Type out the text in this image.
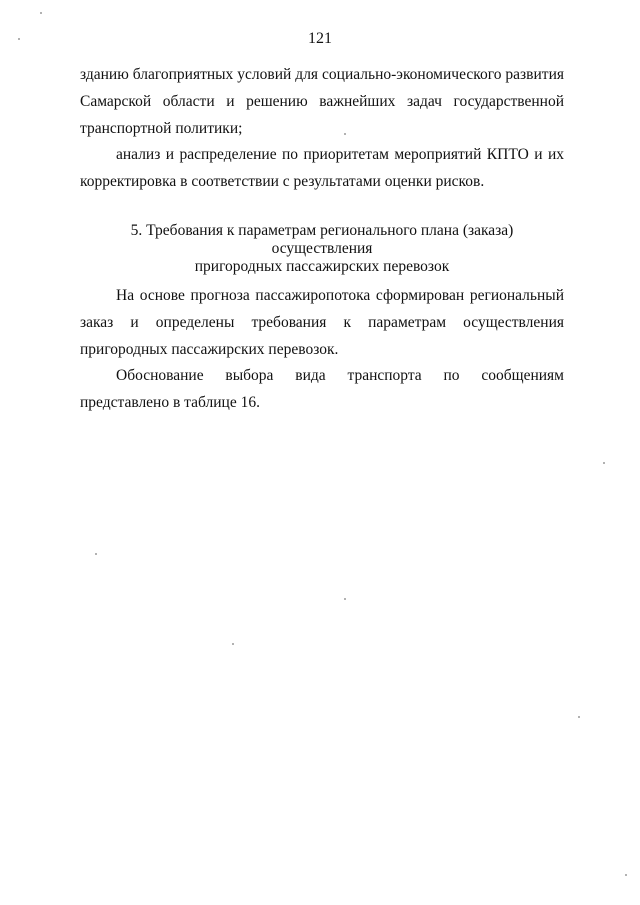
121

зданию благоприятных условий для социально-экономического развития Самарской области и решению важнейших задач государственной транспортной политики;

анализ и распределение по приоритетам мероприятий КПТО и их корректировка в соответствии с результатами оценки рисков.

5. Требования к параметрам регионального плана (заказа) осуществления
пригородных пассажирских перевозок

На основе прогноза пассажиропотока сформирован региональный заказ и определены требования к параметрам осуществления пригородных пассажирских перевозок.

Обоснование выбора вида транспорта по сообщениям представлено в таблице 16.
